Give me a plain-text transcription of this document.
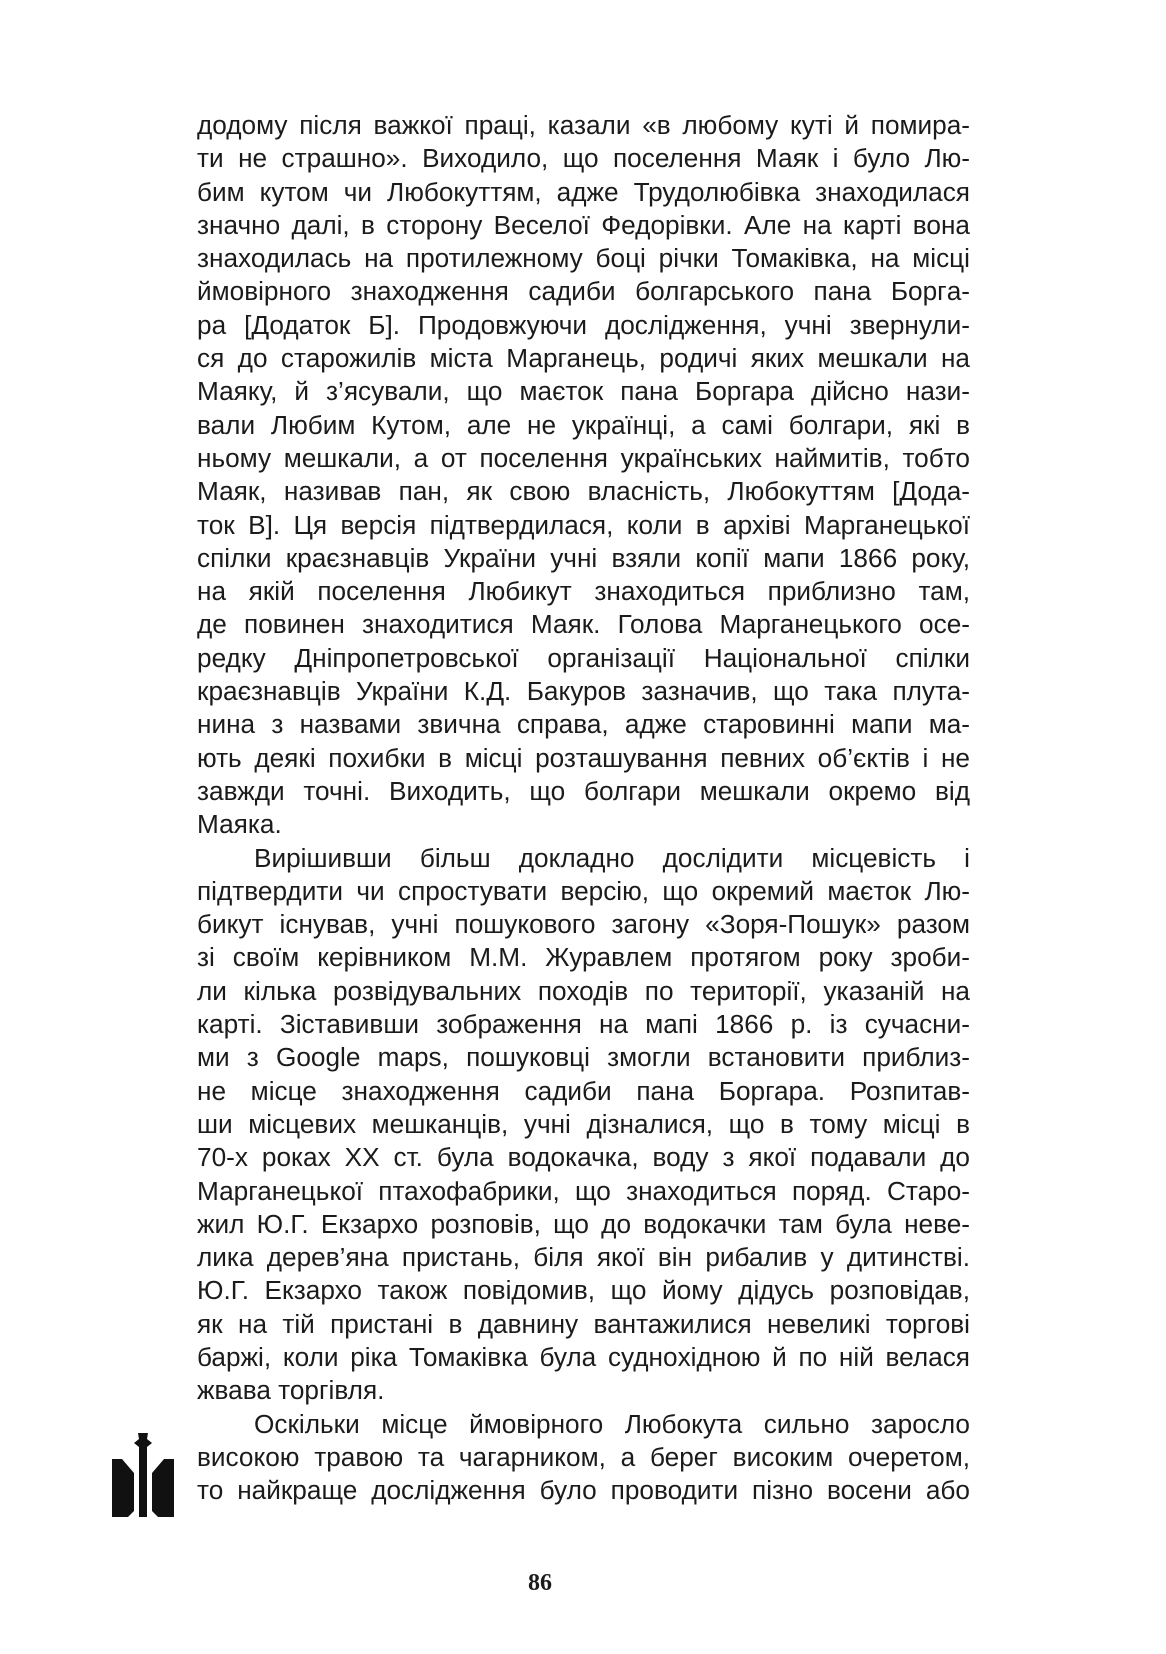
додому після важкої праці, казали «в любому куті й помира-
ти не страшно». Виходило, що поселення Маяк і було Лю-
бим кутом чи Любокуттям, адже Трудолюбівка знаходилася
значно далі, в сторону Веселої Федорівки. Але на карті вона
знаходилась на протилежному боці річки Томаківка, на місці
ймовірного знаходження садиби болгарського пана Боргa-
ра [Додаток Б]. Продовжуючи дослідження, учні звернули-
ся до старожилів міста Марганець, родичі яких мешкали на
Маяку, й з’ясували, що маєток пана Боргара дійсно нази-
вали Любим Кутом, але не українці, а самі болгари, які в
ньому мешкали, а от поселення українських наймитів, тобто
Маяк, називав пан, як свою власність, Любокуттям [Дода-
ток В]. Ця версія підтвердилася, коли в архіві Марганецької
спілки краєзнавців України учні взяли копії мапи 1866 року,
на якій поселення Любикут знаходиться приблизно там,
де повинен знаходитися Маяк. Голова Марганецького осе-
редку Дніпропетровської організації Національної спілки
краєзнавців України К.Д. Бакуров зазначив, що така плута-
нина з назвами звична справа, адже старовинні мапи ма-
ють деякі похибки в місці розташування певних об’єктів і не
завжди точні. Виходить, що болгари мешкали окремо від
Маяка.
Вирішивши більш докладно дослідити місцевість і
підтвердити чи спростувати версію, що окремий маєток Лю-
бикут існував, учні пошукового загону «Зоря-Пошук» разом
зі своїм керівником М.М. Журавлем протягом року зроби-
ли кілька розвідувальних походів по території, указаній на
карті. Зіставивши зображення на мапі 1866 р. із сучасни-
ми з Google maps, пошуковці змогли встановити приблиз-
не місце знаходження садиби пана Боргара. Розпитав-
ши місцевих мешканців, учні дізналися, що в тому місці в
70-х роках XX ст. була водокачка, воду з якої подавали до
Марганецької птахофабрики, що знаходиться поряд. Старо-
жил Ю.Г. Екзархо розповів, що до водокачки там була неве-
лика дерев’яна пристань, біля якої він рибалив у дитинстві.
Ю.Г. Екзархо також повідомив, що йому дідусь розповідав,
як на тій пристані в давнину вантажилися невеликі торгові
баржі, коли ріка Томаківка була судноxідною й по ній велася
жвава торгівля.
Оскільки місце ймовірного Любокута сильно заросло
високою травою та чагарником, а берег високим очеретом,
то найкраще дослідження було проводити пізно восени або
86
